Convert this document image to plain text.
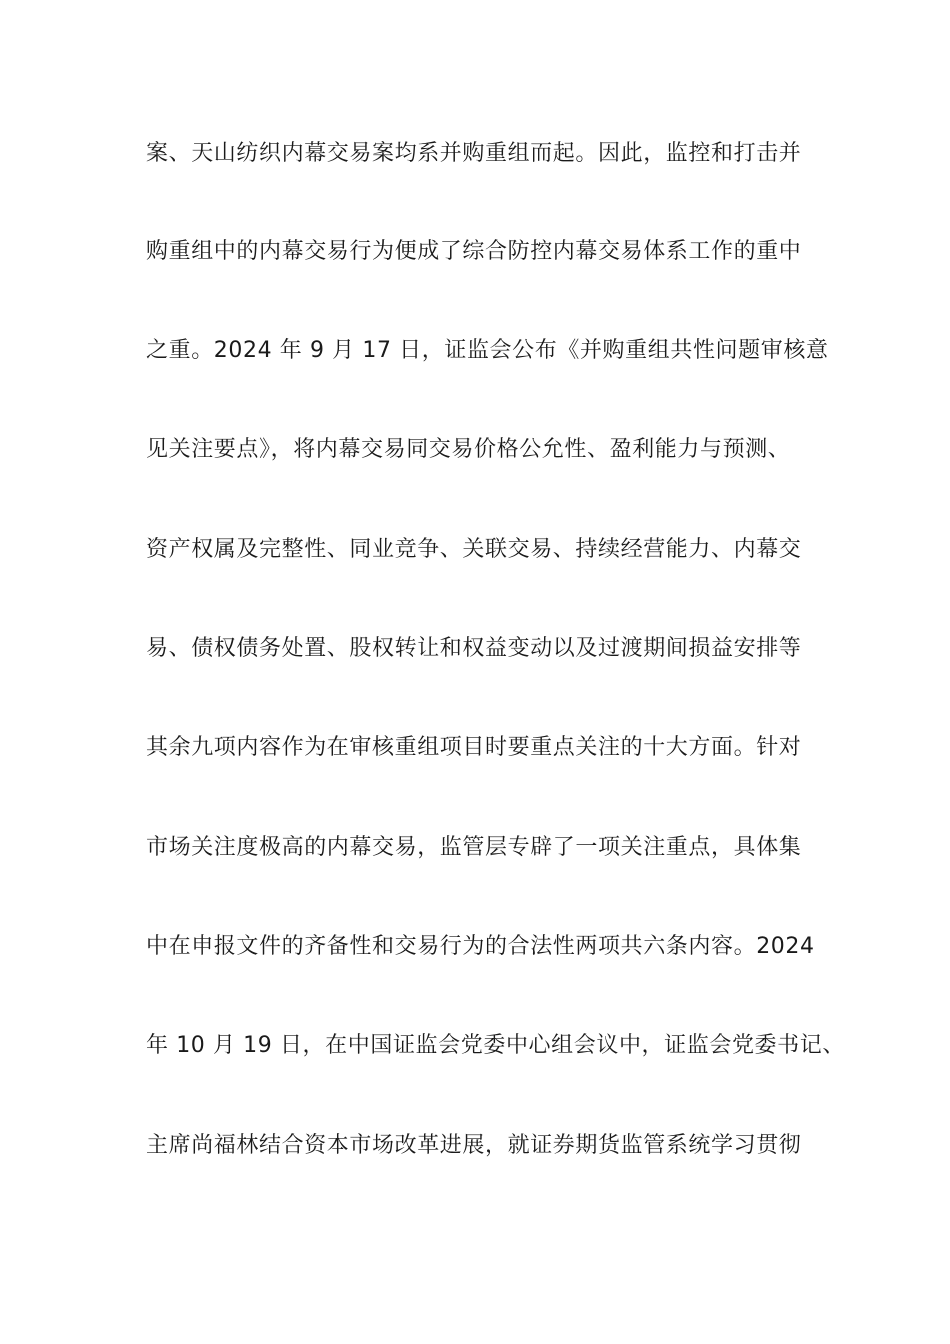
案、天山纺织内幕交易案均系并购重组而起。因此，监控和打击并
购重组中的内幕交易行为便成了综合防控内幕交易体系工作的重中
之重。2024 年 9 月 17 日，证监会公布《并购重组共性问题审核意
见关注要点》，将内幕交易同交易价格公允性、盈利能力与预测、
资产权属及完整性、同业竞争、关联交易、持续经营能力、内幕交
易、债权债务处置、股权转让和权益变动以及过渡期间损益安排等
其余九项内容作为在审核重组项目时要重点关注的十大方面。针对
市场关注度极高的内幕交易，监管层专辟了一项关注重点，具体集
中在申报文件的齐备性和交易行为的合法性两项共六条内容。2024
年 10 月 19 日，在中国证监会党委中心组会议中，证监会党委书记、
主席尚福林结合资本市场改革进展，就证券期货监管系统学习贯彻
